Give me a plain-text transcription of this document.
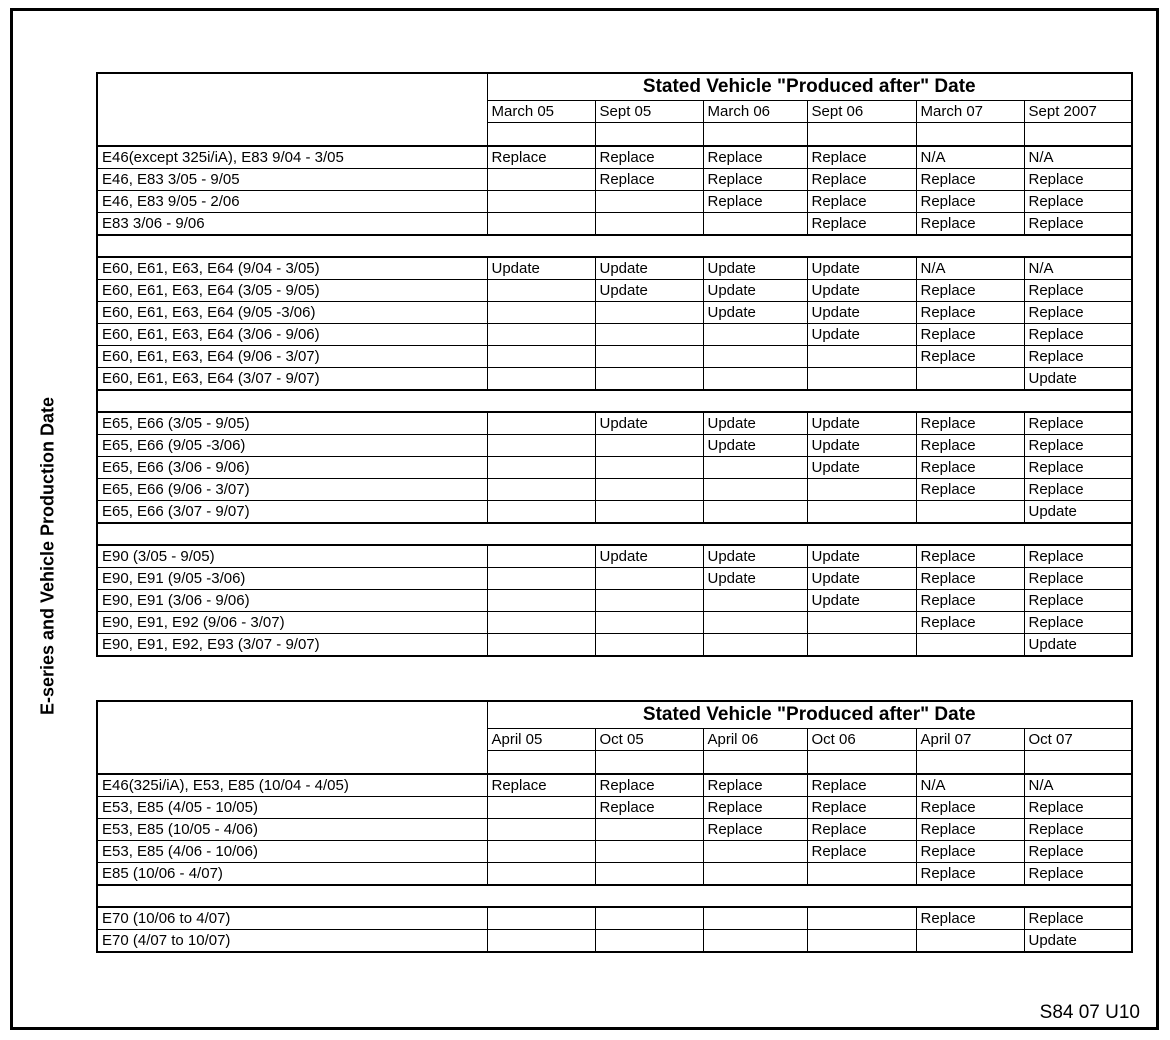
E-series and Vehicle Production Date
	Stated Vehicle "Produced after" Date					
	March 05	Sept 05	March 06	Sept 06	March 07	Sept 2007

E46(except 325i/iA), E83 9/04 - 3/05	Replace	Replace	Replace	Replace	N/A	N/A
E46, E83 3/05 - 9/05		Replace	Replace	Replace	Replace	Replace
E46, E83 9/05 - 2/06			Replace	Replace	Replace	Replace
E83 3/06 - 9/06				Replace	Replace	Replace

E60, E61, E63, E64 (9/04 - 3/05)	Update	Update	Update	Update	N/A	N/A
E60, E61, E63, E64 (3/05 - 9/05)		Update	Update	Update	Replace	Replace
E60, E61, E63, E64 (9/05 -3/06)			Update	Update	Replace	Replace
E60, E61, E63, E64 (3/06 - 9/06)				Update	Replace	Replace
E60, E61, E63, E64 (9/06 - 3/07)					Replace	Replace
E60, E61, E63, E64 (3/07 - 9/07)						Update

E65, E66 (3/05 - 9/05)		Update	Update	Update	Replace	Replace
E65, E66 (9/05 -3/06)			Update	Update	Replace	Replace
E65, E66 (3/06 - 9/06)				Update	Replace	Replace
E65, E66 (9/06 - 3/07)					Replace	Replace
E65, E66 (3/07 - 9/07)						Update

E90 (3/05 - 9/05)		Update	Update	Update	Replace	Replace
E90, E91 (9/05 -3/06)			Update	Update	Replace	Replace
E90, E91 (3/06 - 9/06)				Update	Replace	Replace
E90, E91, E92 (9/06 - 3/07)					Replace	Replace
E90, E91, E92, E93 (3/07 - 9/07)						Update
	Stated Vehicle "Produced after" Date					
	April 05	Oct 05	April 06	Oct 06	April 07	Oct 07

E46(325i/iA), E53, E85 (10/04 - 4/05)	Replace	Replace	Replace	Replace	N/A	N/A
E53, E85 (4/05 - 10/05)		Replace	Replace	Replace	Replace	Replace
E53, E85 (10/05 - 4/06)			Replace	Replace	Replace	Replace
E53, E85 (4/06 - 10/06)				Replace	Replace	Replace
E85 (10/06 - 4/07)					Replace	Replace

E70 (10/06 to 4/07)					Replace	Replace
E70 (4/07 to 10/07)						Update
S84 07 U10
